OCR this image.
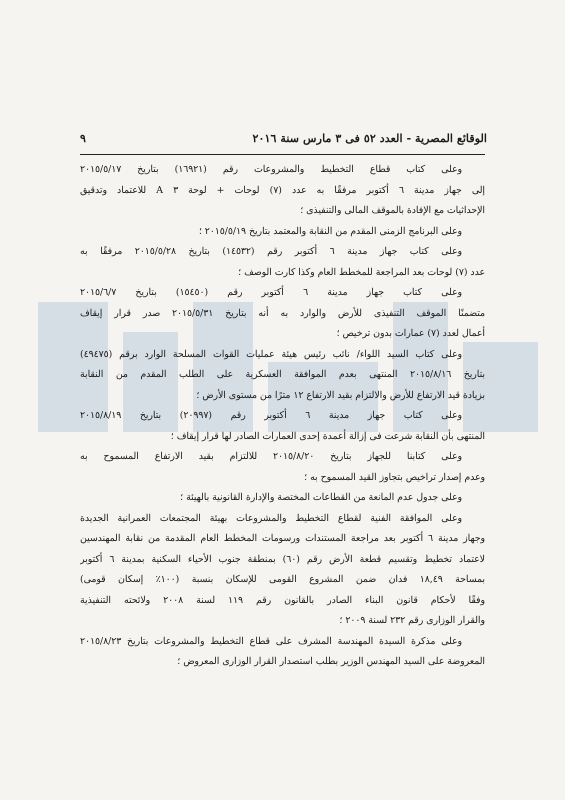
الوقائع المصرية - العدد ٥٢ فى ٣ مارس سنة ٢٠١٦
٩
وعلى كتاب قطاع التخطيط والمشروعات رقم (١٦٩٢١) بتاريخ ٢٠١٥/٥/١٧
إلى جهاز مدينة ٦ أكتوبر مرفقًا به عدد (٧) لوحات + لوحة ٣ A للاعتماد وتدقيق
الإحداثيات مع الإفادة بالموقف المالى والتنفيذى ؛
وعلى البرنامج الزمنى المقدم من النقابة والمعتمد بتاريخ ٢٠١٥/٥/١٩ ؛
وعلى كتاب جهاز مدينة ٦ أكتوبر رقم (١٤٥٣٢) بتاريخ ٢٠١٥/٥/٢٨ مرفقًا به
عدد (٧) لوحات بعد المراجعة للمخطط العام وكذا كارت الوصف ؛
وعلى كتاب جهاز مدينة ٦ أكتوبر رقم (١٥٤٥٠) بتاريخ ٢٠١٥/٦/٧
متضمنًا الموقف التنفيذى للأرض والوارد به أنه بتاريخ ٢٠١٥/٥/٣١ صدر قرار إيقاف
أعمال لعدد (٧) عمارات بدون ترخيص ؛
وعلى كتاب السيد اللواء/ نائب رئيس هيئة عمليات القوات المسلحة الوارد برقم (٤٩٤٧٥)
بتاريخ ٢٠١٥/٨/١٦ المنتهى بعدم الموافقة العسكرية على الطلب المقدم من النقابة
بزيادة قيد الارتفاع للأرض والالتزام بقيد الارتفاع ١٢ مترًا من مستوى الأرض ؛
وعلى كتاب جهاز مدينة ٦ أكتوبر رقم (٢٠٩٩٧) بتاريخ ٢٠١٥/٨/١٩
المنتهى بأن النقابة شرعت فى إزالة أعمدة إحدى العمارات الصادر لها قرار إيقاف ؛
وعلى كتابنا للجهاز بتاريخ ٢٠١٥/٨/٢٠ للالتزام بقيد الارتفاع المسموح به
وعدم إصدار تراخيص بتجاوز القيد المسموح به ؛
وعلى جدول عدم المانعة من القطاعات المختصة والإدارة القانونية بالهيئة ؛
وعلى الموافقة الفنية لقطاع التخطيط والمشروعات بهيئة المجتمعات العمرانية الجديدة
وجهاز مدينة ٦ أكتوبر بعد مراجعة المستندات ورسومات المخطط العام المقدمة من نقابة المهندسين
لاعتماد تخطيط وتقسيم قطعة الأرض رقم (٦٠) بمنطقة جنوب الأحياء السكنية بمدينة ٦ أكتوبر
بمساحة ١٨,٤٩ فدان ضمن المشروع القومى للإسكان بنسبة (١٠٠٪ إسكان قومى)
وفقًا لأحكام قانون البناء الصادر بالقانون رقم ١١٩ لسنة ٢٠٠٨ ولائحته التنفيذية
والقرار الوزارى رقم ٢٣٢ لسنة ٢٠٠٩ ؛
وعلى مذكرة السيدة المهندسة المشرف على قطاع التخطيط والمشروعات بتاريخ ٢٠١٥/٨/٢٣
المعروضة على السيد المهندس الوزير بطلب استصدار القرار الوزارى المعروض ؛
